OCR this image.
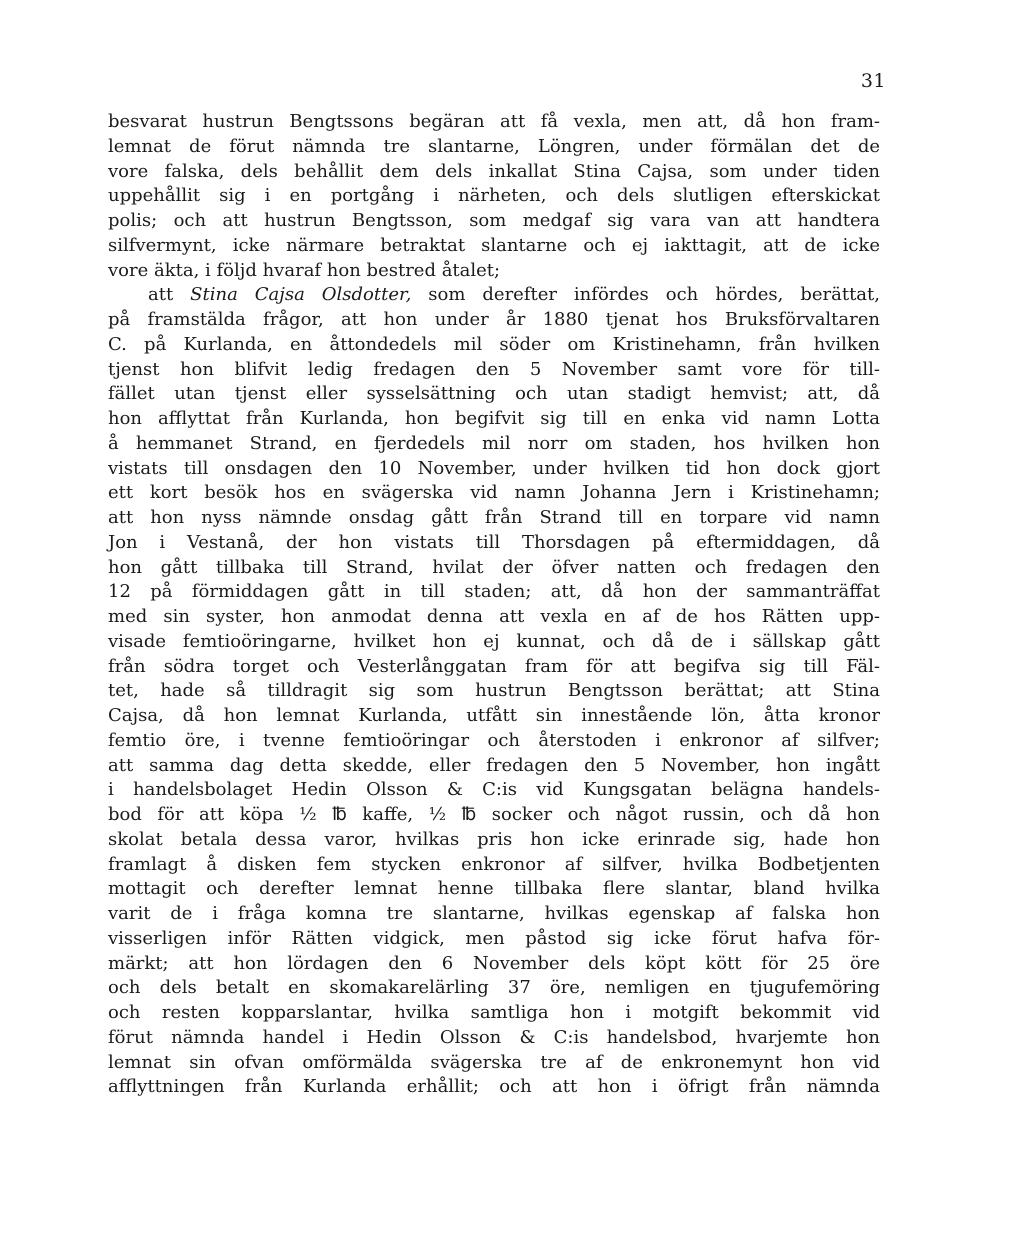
31
besvarat hustrun Bengtssons begäran att få vexla, men att, då hon fram-
lemnat de förut nämnda tre slantarne, Löngren, under förmälan det de
vore falska, dels behållit dem dels inkallat Stina Cajsa, som under tiden
uppehållit sig i en portgång i närheten, och dels slutligen efterskickat
polis; och att hustrun Bengtsson, som medgaf sig vara van att handtera
silfvermynt, icke närmare betraktat slantarne och ej iakttagit, att de icke
vore äkta, i följd hvaraf hon bestred åtalet;
att Stina Cajsa Olsdotter, som derefter infördes och hördes, berättat,
på framstälda frågor, att hon under år 1880 tjenat hos Bruksförvaltaren
C. på Kurlanda, en åttondedels mil söder om Kristinehamn, från hvilken
tjenst hon blifvit ledig fredagen den 5 November samt vore för till-
fället utan tjenst eller sysselsättning och utan stadigt hemvist; att, då
hon afflyttat från Kurlanda, hon begifvit sig till en enka vid namn Lotta
å hemmanet Strand, en fjerdedels mil norr om staden, hos hvilken hon
vistats till onsdagen den 10 November, under hvilken tid hon dock gjort
ett kort besök hos en svägerska vid namn Johanna Jern i Kristinehamn;
att hon nyss nämnde onsdag gått från Strand till en torpare vid namn
Jon i Vestanå, der hon vistats till Thorsdagen på eftermiddagen, då
hon gått tillbaka till Strand, hvilat der öfver natten och fredagen den
12 på förmiddagen gått in till staden; att, då hon der sammanträffat
med sin syster, hon anmodat denna att vexla en af de hos Rätten upp-
visade femtioöringarne, hvilket hon ej kunnat, och då de i sällskap gått
från södra torget och Vesterlånggatan fram för att begifva sig till Fäl-
tet, hade så tilldragit sig som hustrun Bengtsson berättat; att Stina
Cajsa, då hon lemnat Kurlanda, utfått sin innestående lön, åtta kronor
femtio öre, i tvenne femtioöringar och återstoden i enkronor af silfver;
att samma dag detta skedde, eller fredagen den 5 November, hon ingått
i handelsbolaget Hedin Olsson & C:is vid Kungsgatan belägna handels-
bod för att köpa ½ ℔ kaffe, ½ ℔ socker och något russin, och då hon
skolat betala dessa varor, hvilkas pris hon icke erinrade sig, hade hon
framlagt å disken fem stycken enkronor af silfver, hvilka Bodbetjenten
mottagit och derefter lemnat henne tillbaka flere slantar, bland hvilka
varit de i fråga komna tre slantarne, hvilkas egenskap af falska hon
visserligen inför Rätten vidgick, men påstod sig icke förut hafva för-
märkt; att hon lördagen den 6 November dels köpt kött för 25 öre
och dels betalt en skomakarelärling 37 öre, nemligen en tjugufemöring
och resten kopparslantar, hvilka samtliga hon i motgift bekommit vid
förut nämnda handel i Hedin Olsson & C:is handelsbod, hvarjemte hon
lemnat sin ofvan omförmälda svägerska tre af de enkronemynt hon vid
afflyttningen från Kurlanda erhållit; och att hon i öfrigt från nämnda
